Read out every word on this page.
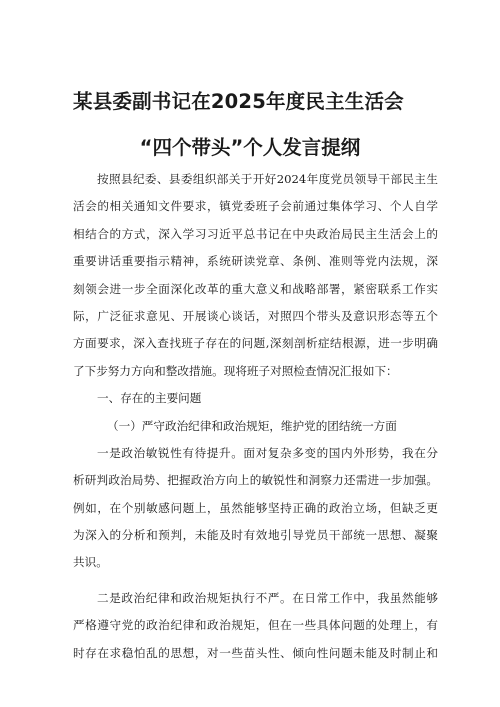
某县委副书记在2025年度民主生活会
“四个带头”个人发言提纲
按照县纪委、县委组织部关于开好2024年度党员领导干部民主生
活会的相关通知文件要求，镇党委班子会前通过集体学习、个人自学
相结合的方式，深入学习习近平总书记在中央政治局民主生活会上的
重要讲话重要指示精神，系统研读党章、条例、准则等党内法规，深
刻领会进一步全面深化改革的重大意义和战略部署，紧密联系工作实
际，广泛征求意见、开展谈心谈话，对照四个带头及意识形态等五个
方面要求，深入查找班子存在的问题,深刻剖析症结根源，进一步明确
了下步努力方向和整改措施。现将班子对照检查情况汇报如下：
一、存在的主要问题
（一）严守政治纪律和政治规矩，维护党的团结统一方面
一是政治敏锐性有待提升。面对复杂多变的国内外形势，我在分
析研判政治局势、把握政治方向上的敏锐性和洞察力还需进一步加强。
例如，在个别敏感问题上，虽然能够坚持正确的政治立场，但缺乏更
为深入的分析和预判，未能及时有效地引导党员干部统一思想、凝聚
共识。
二是政治纪律和政治规矩执行不严。在日常工作中，我虽然能够
严格遵守党的政治纪律和政治规矩，但在一些具体问题的处理上，有
时存在求稳怕乱的思想，对一些苗头性、倾向性问题未能及时制止和
